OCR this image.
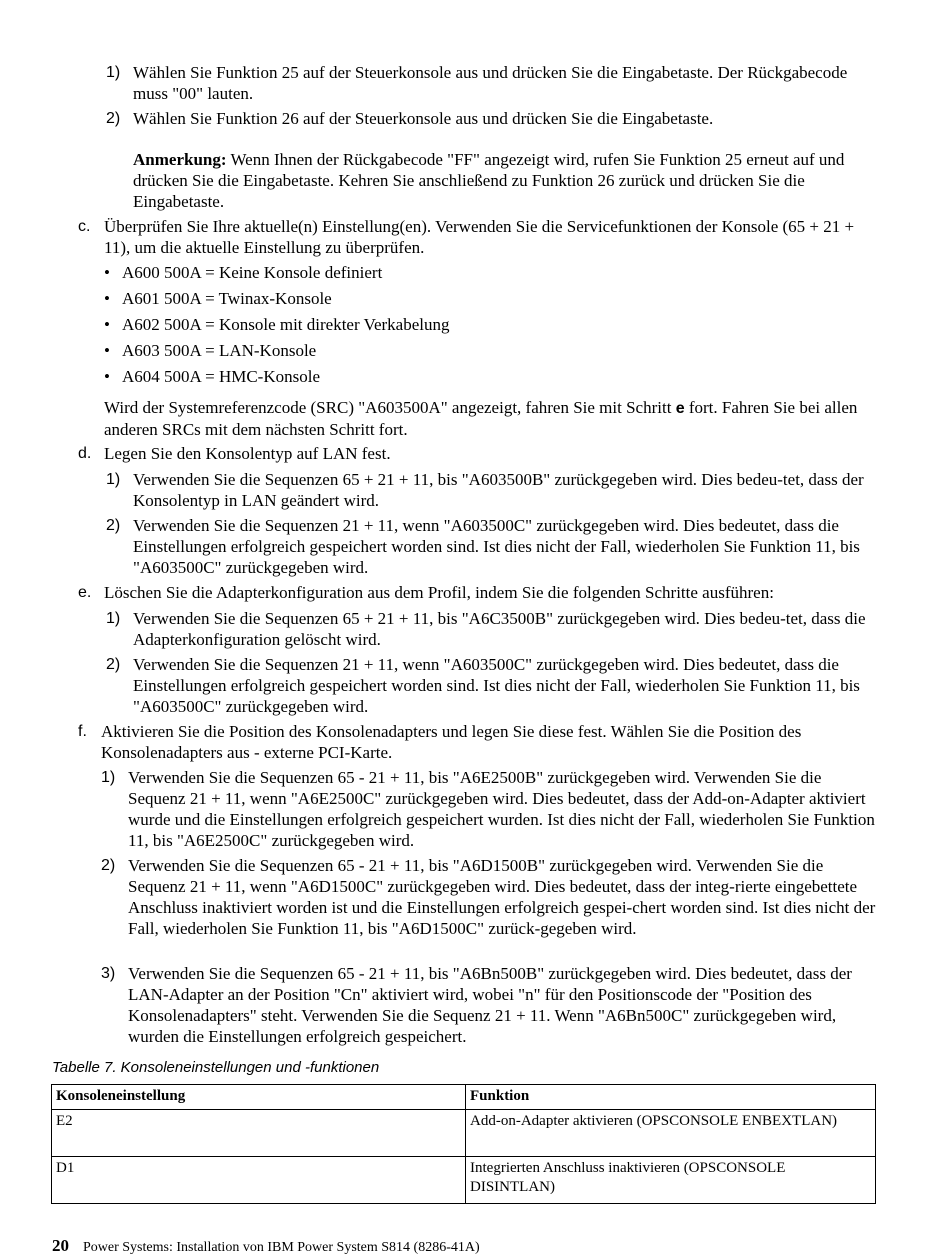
1) Wählen Sie Funktion 25 auf der Steuerkonsole aus und drücken Sie die Eingabetaste. Der Rückgabecode muss "00" lauten.
2) Wählen Sie Funktion 26 auf der Steuerkonsole aus und drücken Sie die Eingabetaste.
Anmerkung: Wenn Ihnen der Rückgabecode "FF" angezeigt wird, rufen Sie Funktion 25 erneut auf und drücken Sie die Eingabetaste. Kehren Sie anschließend zu Funktion 26 zurück und drücken Sie die Eingabetaste.
c. Überprüfen Sie Ihre aktuelle(n) Einstellung(en). Verwenden Sie die Servicefunktionen der Konsole (65 + 21 + 11), um die aktuelle Einstellung zu überprüfen.
• A600 500A = Keine Konsole definiert
• A601 500A = Twinax-Konsole
• A602 500A = Konsole mit direkter Verkabelung
• A603 500A = LAN-Konsole
• A604 500A = HMC-Konsole
Wird der Systemreferenzcode (SRC) "A603500A" angezeigt, fahren Sie mit Schritt e fort. Fahren Sie bei allen anderen SRCs mit dem nächsten Schritt fort.
d. Legen Sie den Konsolentyp auf LAN fest.
1) Verwenden Sie die Sequenzen 65 + 21 + 11, bis "A603500B" zurückgegeben wird. Dies bedeu-tet, dass der Konsolentyp in LAN geändert wird.
2) Verwenden Sie die Sequenzen 21 + 11, wenn "A603500C" zurückgegeben wird. Dies bedeutet, dass die Einstellungen erfolgreich gespeichert worden sind. Ist dies nicht der Fall, wiederholen Sie Funktion 11, bis "A603500C" zurückgegeben wird.
e. Löschen Sie die Adapterkonfiguration aus dem Profil, indem Sie die folgenden Schritte ausführen:
1) Verwenden Sie die Sequenzen 65 + 21 + 11, bis "A6C3500B" zurückgegeben wird. Dies bedeu-tet, dass die Adapterkonfiguration gelöscht wird.
2) Verwenden Sie die Sequenzen 21 + 11, wenn "A603500C" zurückgegeben wird. Dies bedeutet, dass die Einstellungen erfolgreich gespeichert worden sind. Ist dies nicht der Fall, wiederholen Sie Funktion 11, bis "A603500C" zurückgegeben wird.
f. Aktivieren Sie die Position des Konsolenadapters und legen Sie diese fest. Wählen Sie die Position des Konsolenadapters aus - externe PCI-Karte.
1) Verwenden Sie die Sequenzen 65 - 21 + 11, bis "A6E2500B" zurückgegeben wird. Verwenden Sie die Sequenz 21 + 11, wenn "A6E2500C" zurückgegeben wird. Dies bedeutet, dass der Add-on-Adapter aktiviert wurde und die Einstellungen erfolgreich gespeichert wurden. Ist dies nicht der Fall, wiederholen Sie Funktion 11, bis "A6E2500C" zurückgegeben wird.
2) Verwenden Sie die Sequenzen 65 - 21 + 11, bis "A6D1500B" zurückgegeben wird. Verwenden Sie die Sequenz 21 + 11, wenn "A6D1500C" zurückgegeben wird. Dies bedeutet, dass der integ-rierte eingebettete Anschluss inaktiviert worden ist und die Einstellungen erfolgreich gespei-chert worden sind. Ist dies nicht der Fall, wiederholen Sie Funktion 11, bis "A6D1500C" zurück-gegeben wird.
3) Verwenden Sie die Sequenzen 65 - 21 + 11, bis "A6Bn500B" zurückgegeben wird. Dies bedeutet, dass der LAN-Adapter an der Position "Cn" aktiviert wird, wobei "n" für den Positionscode der "Position des Konsolenadapters" steht. Verwenden Sie die Sequenz 21 + 11. Wenn "A6Bn500C" zurückgegeben wird, wurden die Einstellungen erfolgreich gespeichert.
Tabelle 7. Konsoleneinstellungen und -funktionen
Konsoleneinstellung	Funktion
E2	Add-on-Adapter aktivieren (OPSCONSOLE ENBEXTLAN)
D1	Integrierten Anschluss inaktivieren (OPSCONSOLE DISINTLAN)
20 Power Systems: Installation von IBM Power System S814 (8286-41A)
